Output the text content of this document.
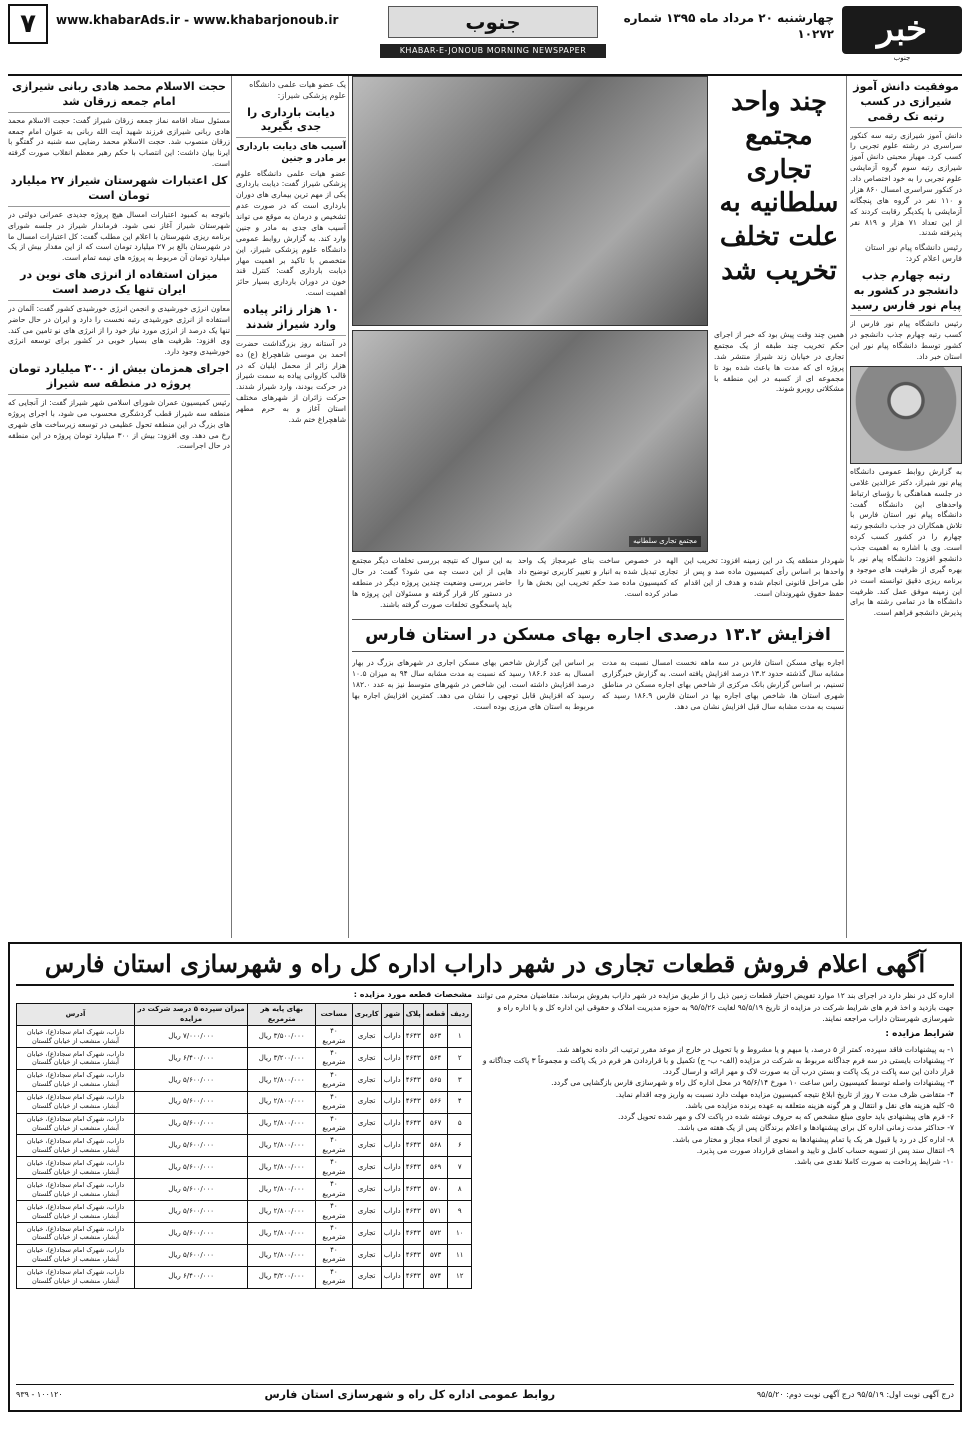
خبر
جنوب
چهارشنبه ۲۰ مرداد ماه ۱۳۹۵ شماره ۱۰۲۷۲
جنوب
KHABAR-E-JONOUB MORNING NEWSPAPER
www.khabarAds.ir - www.khabarjonoub.ir
۷
موفقیت دانش آموز شیرازی در کسب رتبه تک رقمی

دانش آموز شیرازی رتبه سه کنکور سراسری در رشته علوم تجربی را کسب کرد. مهیار محبتی دانش آموز شیرازی رتبه سوم گروه آزمایشی علوم تجربی را به خود اختصاص داد. در کنکور سراسری امسال ۸۶۰ هزار و ۱۱۰ نفر در گروه های پنجگانه آزمایشی با یکدیگر رقابت کردند که از این تعداد ۷۱ هزار و ۸۱۹ نفر پذیرفته شدند.

رئیس دانشگاه پیام نور استان فارس اعلام کرد:
رتبه چهارم جذب دانشجو در کشور به پیام نور فارس رسید

رئیس دانشگاه پیام نور فارس از کسب رتبه چهارم جذب دانشجو در کشور توسط دانشگاه پیام نور این استان خبر داد.

به گزارش روابط عمومی دانشگاه پیام نور شیراز، دکتر عزالدین غلامی در جلسه هماهنگی با رؤسای ارتباط واحدهای این دانشگاه گفت: دانشگاه پیام نور استان فارس با تلاش همکاران در جذب دانشجو رتبه چهارم را در کشور کسب کرده است. وی با اشاره به اهمیت جذب دانشجو افزود: دانشگاه پیام نور با بهره گیری از ظرفیت های موجود و برنامه ریزی دقیق توانسته است در این زمینه موفق عمل کند. ظرفیت دانشگاه ها در تمامی رشته ها برای پذیرش دانشجو فراهم است.

چند واحد مجتمع تجاری سلطانیه به علت تخلف تخریب شد

همین چند وقت پیش بود که خبر از اجرای حکم تخریب چند طبقه از یک مجتمع تجاری در خیابان زند شیراز منتشر شد. پروژه ای که مدت ها باعث شده بود تا مجموعه ای از کسبه در این منطقه با مشکلاتی روبرو شوند.

مجتمع تجاری سلطانیه

شهردار منطقه یک در این زمینه افزود: تخریب این واحدها بر اساس رأی کمیسیون ماده صد و پس از طی مراحل قانونی انجام شده و هدف از این اقدام حفظ حقوق شهروندان است.

الهه در خصوص ساخت بنای غیرمجاز یک واحد تجاری تبدیل شده به انبار و تغییر کاربری توضیح داد که کمیسیون ماده صد حکم تخریب این بخش ها را صادر کرده است.

به این سوال که نتیجه بررسی تخلفات دیگر مجتمع هایی از این دست چه می شود؟ گفت: در حال حاضر بررسی وضعیت چندین پروژه دیگر در منطقه در دستور کار قرار گرفته و مسئولان این پروژه ها باید پاسخگوی تخلفات صورت گرفته باشند.

افزایش ۱۳.۲ درصدی اجاره بهای مسکن در استان فارس

اجاره بهای مسکن استان فارس در سه ماهه نخست امسال نسبت به مدت مشابه سال گذشته حدود ۱۳.۲ درصد افزایش یافته است. به گزارش خبرگزاری تسنیم، بر اساس گزارش بانک مرکزی از شاخص بهای اجاره مسکن در مناطق شهری استان ها، شاخص بهای اجاره بها در استان فارس ۱۸۶.۹ رسید که نسبت به مدت مشابه سال قبل افزایش نشان می دهد.

بر اساس این گزارش شاخص بهای مسکن اجاری در شهرهای بزرگ در بهار امسال به عدد ۱۸۶.۶ رسید که نسبت به مدت مشابه سال ۹۴ به میزان ۱۰.۵ درصد افزایش داشته است. این شاخص در شهرهای متوسط نیز به عدد ۱۸۲.۰ رسید که افزایش قابل توجهی را نشان می دهد. کمترین افزایش اجاره بها مربوط به استان های مرزی بوده است.

یک عضو هیات علمی دانشگاه علوم پزشکی شیراز:
دیابت بارداری را جدی بگیرید
آسیب های دیابت بارداری بر مادر و جنین

عضو هیات علمی دانشگاه علوم پزشکی شیراز گفت: دیابت بارداری یکی از مهم ترین بیماری های دوران بارداری است که در صورت عدم تشخیص و درمان به موقع می تواند آسیب های جدی به مادر و جنین وارد کند. به گزارش روابط عمومی دانشگاه علوم پزشکی شیراز، این متخصص با تاکید بر اهمیت مهار دیابت بارداری گفت: کنترل قند خون در دوران بارداری بسیار حائز اهمیت است.

۱۰ هزار زائر پیاده وارد شیراز شدند

در آستانه روز بزرگداشت حضرت احمد بن موسی شاهچراغ (ع) ده هزار زائر از محمل ایلیان که در قالب کاروانی پیاده به سمت شیراز در حرکت بودند، وارد شیراز شدند. حرکت زائران از شهرهای مختلف استان آغاز و به حرم مطهر شاهچراغ ختم شد.

حجت الاسلام محمد هادی ربانی شیرازی امام جمعه زرقان شد

مسئول ستاد اقامه نماز جمعه زرقان شیراز گفت: حجت الاسلام محمد هادی ربانی شیرازی فرزند شهید آیت الله ربانی به عنوان امام جمعه زرقان منصوب شد. حجت الاسلام محمد رضایی سه شنبه در گفتگو با ایرنا بیان داشت: این انتصاب با حکم رهبر معظم انقلاب صورت گرفته است.

کل اعتبارات شهرستان شیراز ۲۷ میلیارد تومان است

باتوجه به کمبود اعتبارات امسال هیچ پروژه جدیدی عمرانی دولتی در شهرستان شیراز آغاز نمی شود. فرماندار شیراز در جلسه شورای برنامه ریزی شهرستان با اعلام این مطلب گفت: کل اعتبارات امسال ما در شهرستان بالغ بر ۲۷ میلیارد تومان است که از این مقدار بیش از یک میلیارد تومان آن مربوط به پروژه های نیمه تمام است.

میزان استفاده از انرژی های نوین در ایران تنها یک درصد است

معاون انرژی خورشیدی و انجمن انرژی خورشیدی کشور گفت: آلمان در استفاده از انرژی خورشیدی رتبه نخست را دارد و ایران در حال حاضر تنها یک درصد از انرژی مورد نیاز خود را از انرژی های نو تامین می کند. وی افزود: ظرفیت های بسیار خوبی در کشور برای توسعه انرژی خورشیدی وجود دارد.

اجرای همزمان بیش از ۳۰۰ میلیارد تومان پروژه در منطقه سه شیراز

رئیس کمیسیون عمران شورای اسلامی شهر شیراز گفت: از آنجایی که منطقه سه شیراز قطب گردشگری محسوب می شود، با اجرای پروژه های بزرگ در این منطقه تحول عظیمی در توسعه زیرساخت های شهری رخ می دهد. وی افزود: بیش از ۳۰۰ میلیارد تومان پروژه در این منطقه در حال اجراست.

آگهی اعلام فروش قطعات تجاری در شهر داراب اداره کل راه و شهرسازی استان فارس

اداره کل در نظر دارد در اجرای بند ۱۲ موارد تفویض اختیار قطعات زمین ذیل را از طریق مزایده در شهر داراب بفروش برساند. متقاضیان محترم می توانند جهت بازدید و اخذ فرم های شرایط شرکت در مزایده از تاریخ ۹۵/۵/۱۹ لغایت ۹۵/۵/۲۶ به حوزه مدیریت املاک و حقوقی این اداره کل و یا اداره راه و شهرسازی شهرستان داراب مراجعه نمایند.

شرایط مزایده :

۱- به پیشنهادات فاقد سپرده، کمتر از ۵ درصد، یا مبهم و یا مشروط و یا تحویل در خارج از موعد مقرر ترتیب اثر داده نخواهد شد.

۲- پیشنهادات بایستی در سه فرم جداگانه مربوط به شرکت در مزایده (الف- ب- ج) تکمیل و با قراردادن هر فرم در یک پاکت و مجموعاً ۳ پاکت جداگانه و قرار دادن این سه پاکت در یک پاکت و بستن درب آن به صورت لاک و مهر ارائه و ارسال گردد.

۳- پیشنهادات واصله توسط کمیسیون راس ساعت ۱۰ مورخ ۹۵/۶/۱۴ در محل اداره کل راه و شهرسازی فارس بازگشایی می گردد.

۴- متقاضی ظرف مدت ۷ روز از تاریخ ابلاغ نتیجه کمیسیون مزایده مهلت دارد نسبت به واریز وجه اقدام نماید.

۵- کلیه هزینه های نقل و انتقال و هر گونه هزینه متعلقه به عهده برنده مزایده می باشد.

۶- فرم های پیشنهادی باید حاوی مبلغ مشخص که به حروف نوشته شده در پاکت لاک و مهر شده تحویل گردد.

۷- حداکثر مدت زمانی اداره کل برای پیشنهادها و اعلام برندگان پس از یک هفته می باشد.

۸- اداره کل در رد یا قبول هر یک یا تمام پیشنهادها به نحوی از انحاء مجاز و مختار می باشد.

۹- انتقال سند پس از تسویه حساب کامل و تایید و امضای قرارداد صورت می پذیرد.

۱۰- شرایط پرداخت به صورت کاملا نقدی می باشد.

مشخصات قطعه مورد مزایده :
ردیف	قطعه	پلاک	شهر	کاربری	مساحت	بهای پایه هر مترمربع	میزان سپرده ۵ درصد شرکت در مزایده	آدرس
۱	۵۶۳	۴۶۴۳	داراب	تجاری	۴۰ مترمربع	۳/۵۰۰/۰۰۰ ریال	۷/۰۰۰/۰۰۰ ریال	داراب، شهرک امام سجاد(ع)، خیابان آبشار، منشعب از خیابان گلستان
۲	۵۶۴	۴۶۴۳	داراب	تجاری	۴۰ مترمربع	۳/۲۰۰/۰۰۰ ریال	۶/۴۰۰/۰۰۰ ریال	داراب، شهرک امام سجاد(ع)، خیابان آبشار، منشعب از خیابان گلستان
۳	۵۶۵	۴۶۴۳	داراب	تجاری	۴۰ مترمربع	۲/۸۰۰/۰۰۰ ریال	۵/۶۰۰/۰۰۰ ریال	داراب، شهرک امام سجاد(ع)، خیابان آبشار، منشعب از خیابان گلستان
۴	۵۶۶	۴۶۴۳	داراب	تجاری	۴۰ مترمربع	۲/۸۰۰/۰۰۰ ریال	۵/۶۰۰/۰۰۰ ریال	داراب، شهرک امام سجاد(ع)، خیابان آبشار، منشعب از خیابان گلستان
۵	۵۶۷	۴۶۴۳	داراب	تجاری	۴۰ مترمربع	۲/۸۰۰/۰۰۰ ریال	۵/۶۰۰/۰۰۰ ریال	داراب، شهرک امام سجاد(ع)، خیابان آبشار، منشعب از خیابان گلستان
۶	۵۶۸	۴۶۴۳	داراب	تجاری	۴۰ مترمربع	۲/۸۰۰/۰۰۰ ریال	۵/۶۰۰/۰۰۰ ریال	داراب، شهرک امام سجاد(ع)، خیابان آبشار، منشعب از خیابان گلستان
۷	۵۶۹	۴۶۴۳	داراب	تجاری	۴۰ مترمربع	۲/۸۰۰/۰۰۰ ریال	۵/۶۰۰/۰۰۰ ریال	داراب، شهرک امام سجاد(ع)، خیابان آبشار، منشعب از خیابان گلستان
۸	۵۷۰	۴۶۴۳	داراب	تجاری	۴۰ مترمربع	۲/۸۰۰/۰۰۰ ریال	۵/۶۰۰/۰۰۰ ریال	داراب، شهرک امام سجاد(ع)، خیابان آبشار، منشعب از خیابان گلستان
۹	۵۷۱	۴۶۴۳	داراب	تجاری	۴۰ مترمربع	۲/۸۰۰/۰۰۰ ریال	۵/۶۰۰/۰۰۰ ریال	داراب، شهرک امام سجاد(ع)، خیابان آبشار، منشعب از خیابان گلستان
۱۰	۵۷۲	۴۶۴۳	داراب	تجاری	۴۰ مترمربع	۲/۸۰۰/۰۰۰ ریال	۵/۶۰۰/۰۰۰ ریال	داراب، شهرک امام سجاد(ع)، خیابان آبشار، منشعب از خیابان گلستان
۱۱	۵۷۳	۴۶۴۳	داراب	تجاری	۴۰ مترمربع	۲/۸۰۰/۰۰۰ ریال	۵/۶۰۰/۰۰۰ ریال	داراب، شهرک امام سجاد(ع)، خیابان آبشار، منشعب از خیابان گلستان
۱۲	۵۷۴	۴۶۴۳	داراب	تجاری	۴۰ مترمربع	۳/۲۰۰/۰۰۰ ریال	۶/۴۰۰/۰۰۰ ریال	داراب، شهرک امام سجاد(ع)، خیابان آبشار، منشعب از خیابان گلستان
درج آگهی نوبت اول: ۹۵/۵/۱۹ درج آگهی نوبت دوم: ۹۵/۵/۲۰
روابط عمومی اداره کل راه و شهرسازی استان فارس
۱۰۰۱۲۰ - ۹۳۹
